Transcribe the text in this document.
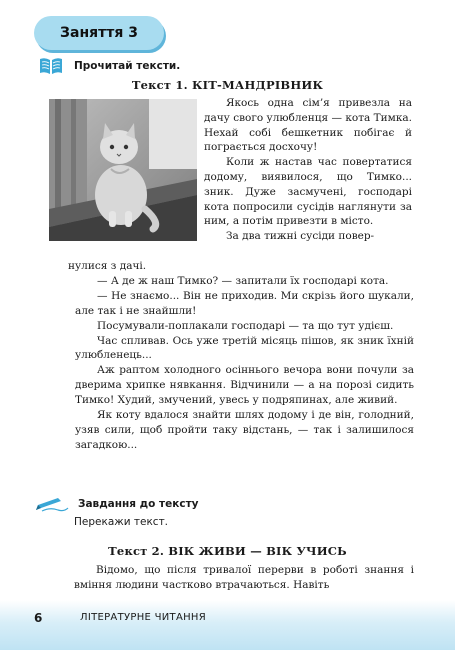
Заняття 3
Прочитай тексти.
Текст 1. КІТ-МАНДРІВНИК

Якось одна сім’я привезла на дачу свого улюбленця — кота Тимка. Нехай собі бешкетник побігає й пограється досхочу!

Коли ж настав час повертатися додому, виявилося, що Тимко... зник. Дуже засмучені, господарі кота попросили сусідів наглянути за ним, а потім привезти в місто.

За два тижні сусіди повер-

нулися з дачі.

— А де ж наш Тимко? — запитали їх господарі кота.

— Не знаємо... Він не приходив. Ми скрізь його шукали, але так і не знайшли!

Посумували-поплакали господарі — та що тут удієш.

Час спливав. Ось уже третій місяць пішов, як зник їхній улюбленець...

Аж раптом холодного осіннього вечора вони почули за дверима хрипке нявкання. Відчинили — а на порозі сидить Тимко! Худий, змучений, увесь у подряпинах, але живий.

Як коту вдалося знайти шлях додому і де він, голодний, узяв сили, щоб пройти таку відстань, — так і залишилося загадкою...

Завдання до тексту
Перекажи текст.
Текст 2. ВІК ЖИВИ — ВІК УЧИСЬ

Відомо, що після тривалої перерви в роботі знання і вміння людини частково втрачаються. Навіть

6	ЛІТЕРАТУРНЕ ЧИТАННЯ
